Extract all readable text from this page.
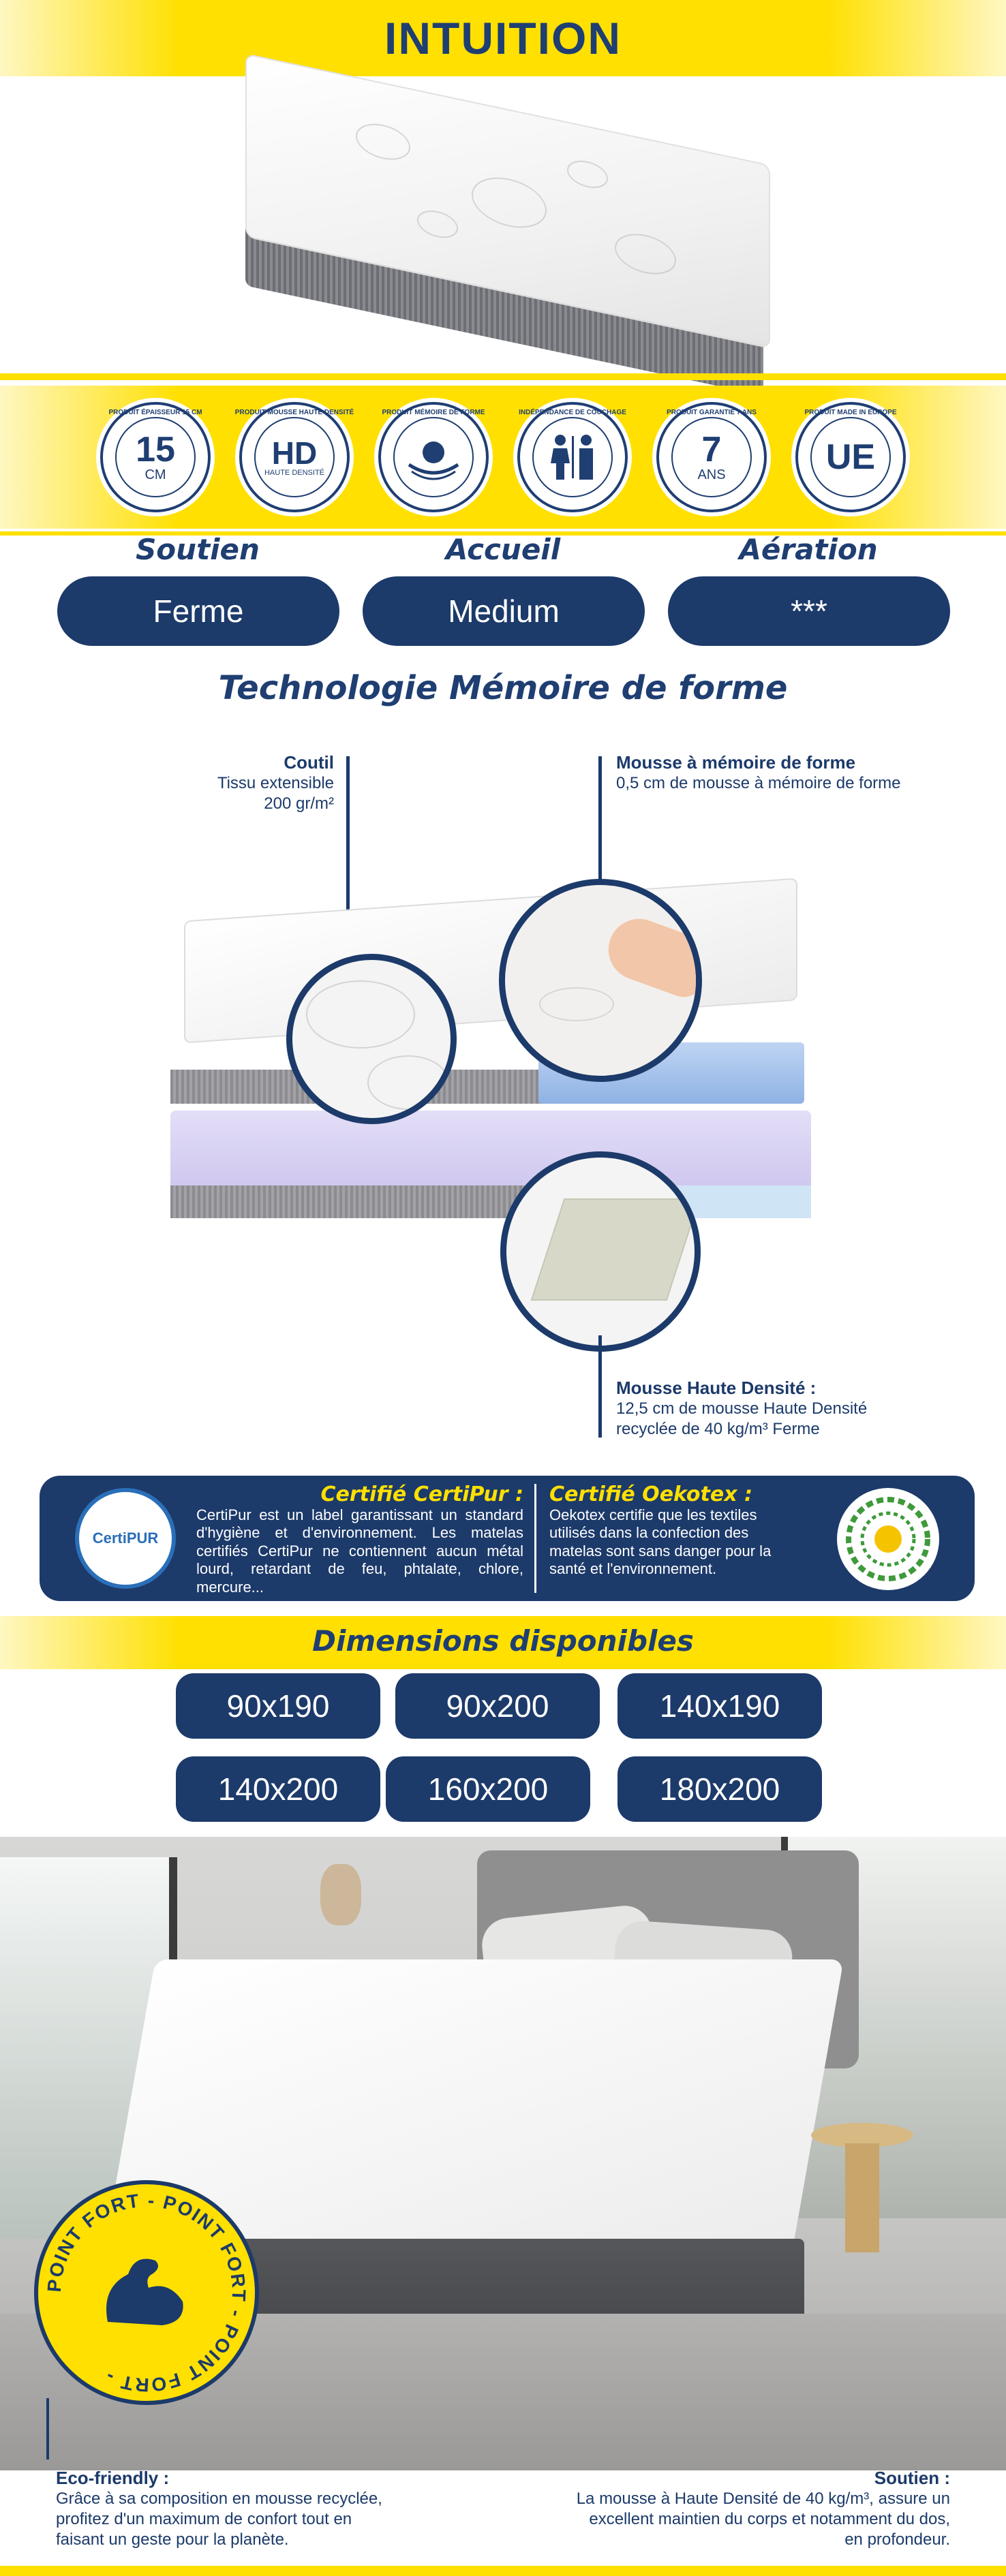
INTUITION
PRODUIT ÉPAISSEUR 15 CM
15
CM
PRODUIT MOUSSE HAUTE DENSITÉ
HD
HAUTE DENSITÉ
PRODUIT MÉMOIRE DE FORME	INDÉPENDANCE DE COUCHAGE	PRODUIT GARANTIE 7 ANS
7
ANS
PRODUIT MADE IN EUROPE
UE
Soutien	Accueil	Aération
Ferme	Medium	***
Technologie Mémoire de forme
Coutil
Tissu extensible
200 gr/m²
Mousse à mémoire de forme
0,5 cm de mousse à mémoire de forme
Mousse Haute Densité :
12,5 cm de mousse Haute Densité
recyclée de 40 kg/m³ Ferme
CertiPUR
Certifié CertiPur :
CertiPur est un label garantissant un standard d'hygiène et d'environnement. Les matelas certifiés CertiPur ne contiennent aucun métal lourd, retardant de feu, phtalate, chlore, mercure...
Certifié Oekotex :
Oekotex certifie que les textiles utilisés dans la confection des matelas sont sans danger pour la santé et l'environnement.
Dimensions disponibles
90x190	90x200	140x190
140x200	160x200	180x200
POINT FORT - POINT FORT - POINT FORT -
Eco-friendly :
Grâce à sa composition en mousse recyclée,
profitez d'un maximum de confort tout en
faisant un geste pour la planète.
Soutien :
La mousse à Haute Densité de 40 kg/m³, assure un
excellent maintien du corps et notamment du dos,
en profondeur.
